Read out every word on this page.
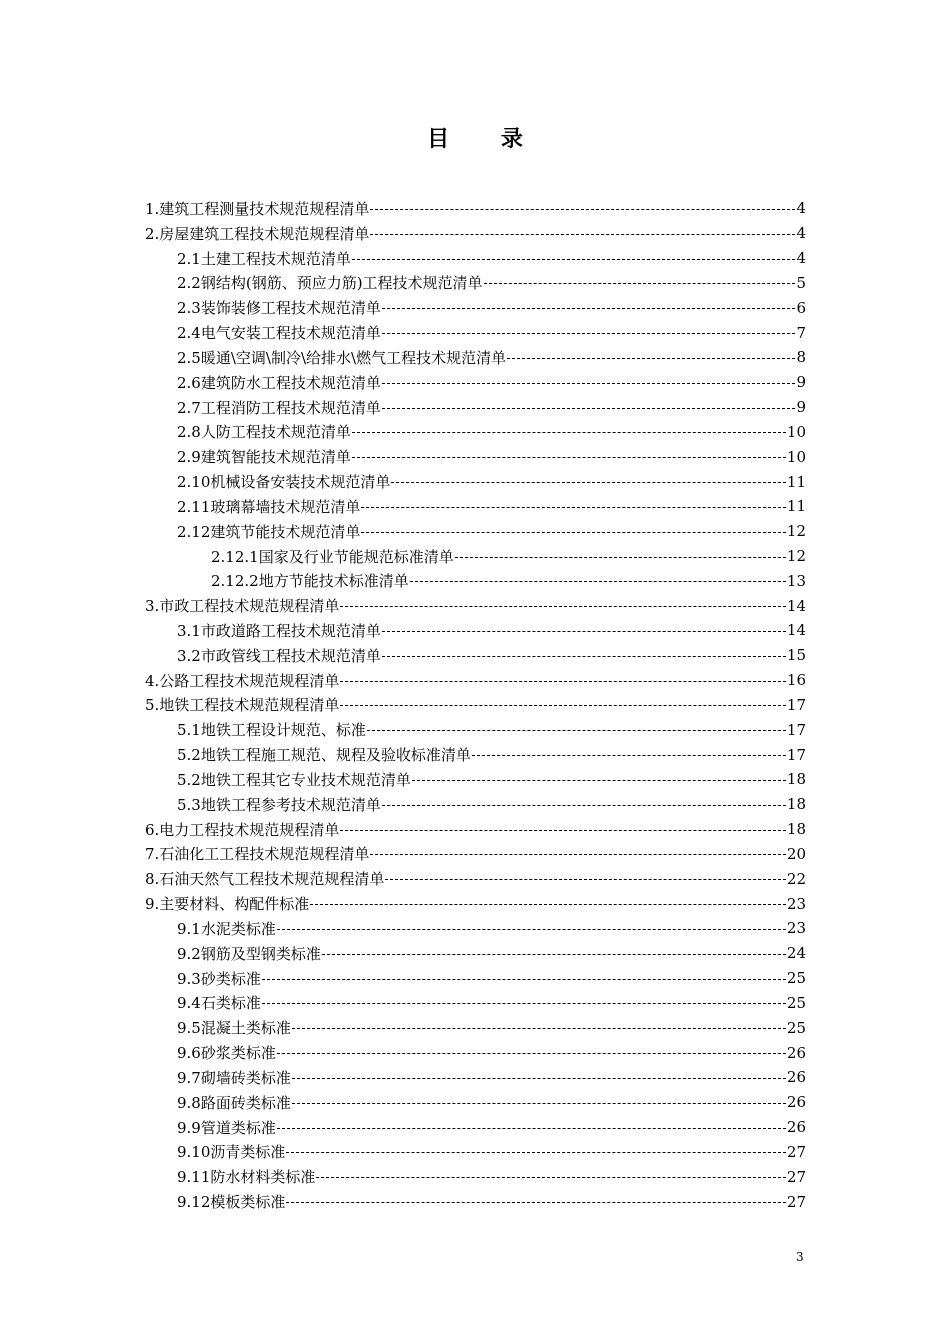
目 录
1.建筑工程测量技术规范规程清单	4
2.房屋建筑工程技术规范规程清单	4
2.1土建工程技术规范清单	4
2.2钢结构(钢筋、预应力筋)工程技术规范清单	5
2.3装饰装修工程技术规范清单	6
2.4电气安装工程技术规范清单	7
2.5暖通\空调\制冷\给排水\燃气工程技术规范清单	8
2.6建筑防水工程技术规范清单	9
2.7工程消防工程技术规范清单	9
2.8人防工程技术规范清单	10
2.9建筑智能技术规范清单	10
2.10机械设备安装技术规范清单	11
2.11玻璃幕墙技术规范清单	11
2.12建筑节能技术规范清单	12
2.12.1国家及行业节能规范标准清单	12
2.12.2地方节能技术标准清单	13
3.市政工程技术规范规程清单	14
3.1市政道路工程技术规范清单	14
3.2市政管线工程技术规范清单	15
4.公路工程技术规范规程清单	16
5.地铁工程技术规范规程清单	17
5.1地铁工程设计规范、标准	17
5.2地铁工程施工规范、规程及验收标准清单	17
5.2地铁工程其它专业技术规范清单	18
5.3地铁工程参考技术规范清单	18
6.电力工程技术规范规程清单	18
7.石油化工工程技术规范规程清单	20
8.石油天然气工程技术规范规程清单	22
9.主要材料、构配件标准	23
9.1水泥类标准	23
9.2钢筋及型钢类标准	24
9.3砂类标准	25
9.4石类标准	25
9.5混凝土类标准	25
9.6砂浆类标准	26
9.7砌墙砖类标准	26
9.8路面砖类标准	26
9.9管道类标准	26
9.10沥青类标准	27
9.11防水材料类标准	27
9.12模板类标准	27
3
